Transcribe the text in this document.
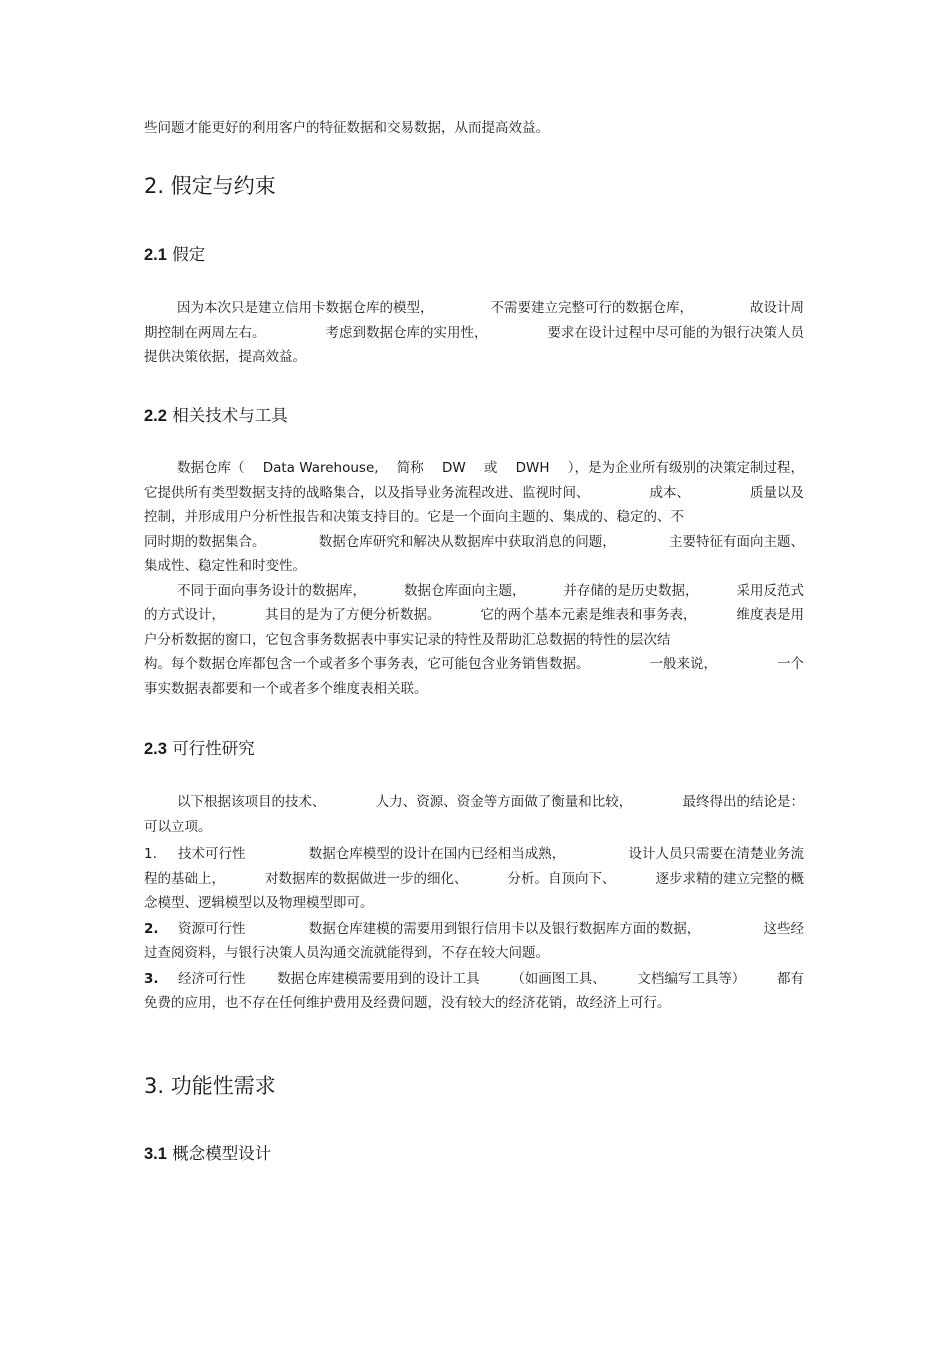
些问题才能更好的利用客户的特征数据和交易数据，从而提高效益。
2. 假定与约束
2.1 假定
因为本次只是建立信用卡数据仓库的模型，	不需要建立完整可行的数据仓库，	故设计周
期控制在两周左右。	考虑到数据仓库的实用性，	要求在设计过程中尽可能的为银行决策人员
提供决策依据，提高效益。
2.2 相关技术与工具
数据仓库（ Data Warehouse, 简称 DW 或 DWH ），是为企业所有级别的决策定制过程，
它提供所有类型数据支持的战略集合，以及指导业务流程改进、监视时间、	成本、	质量以及
控制，并形成用户分析性报告和决策支持目的。它是一个面向主题的、集成的、稳定的、不
同时期的数据集合。	数据仓库研究和解决从数据库中获取消息的问题，	主要特征有面向主题、
集成性、稳定性和时变性。
不同于面向事务设计的数据库，	数据仓库面向主题，	并存储的是历史数据，	采用反范式
的方式设计，	其目的是为了方便分析数据。	它的两个基本元素是维表和事务表，	维度表是用
户分析数据的窗口，它包含事务数据表中事实记录的特性及帮助汇总数据的特性的层次结
构。每个数据仓库都包含一个或者多个事务表，它可能包含业务销售数据。	一般来说，	一个
事实数据表都要和一个或者多个维度表相关联。
2.3 可行性研究
以下根据该项目的技术、	人力、资源、资金等方面做了衡量和比较，	最终得出的结论是：
可以立项。
1.	技术可行性	数据仓库模型的设计在国内已经相当成熟，	设计人员只需要在清楚业务流
程的基础上，	对数据库的数据做进一步的细化、	分析。自顶向下、	逐步求精的建立完整的概
念模型、逻辑模型以及物理模型即可。
2.	资源可行性	数据仓库建模的需要用到银行信用卡以及银行数据库方面的数据，	这些经
过查阅资料，与银行决策人员沟通交流就能得到，不存在较大问题。
3.	经济可行性 数据仓库建模需要用到的设计工具 （如画图工具、 文档编写工具等） 都有
免费的应用，也不存在任何维护费用及经费问题，没有较大的经济花销，故经济上可行。
3. 功能性需求
3.1 概念模型设计
